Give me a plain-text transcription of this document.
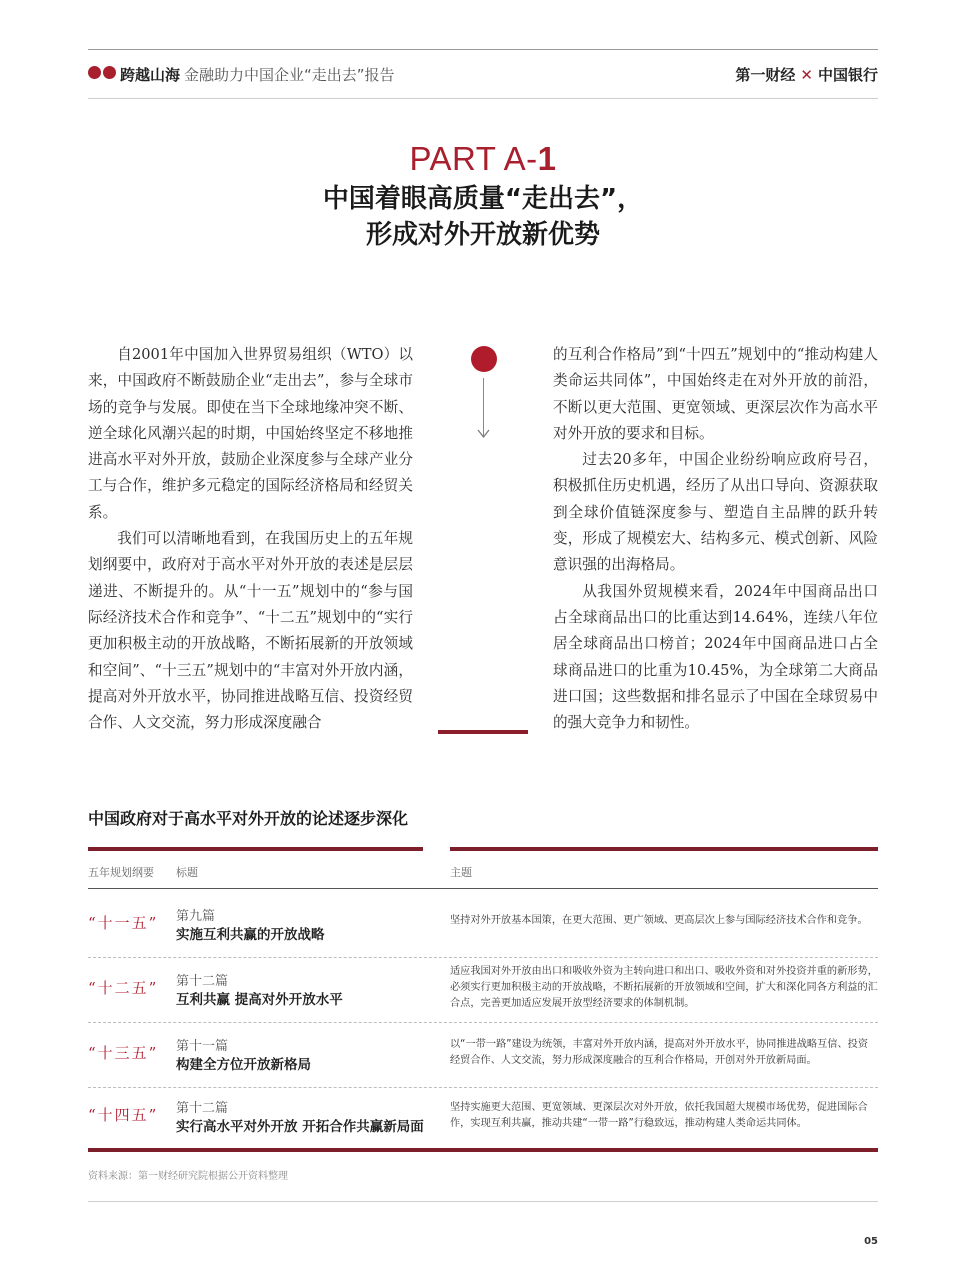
跨越山海 金融助力中国企业“走出去”报告	第一财经 ✕ 中国银行
PART A-1
中国着眼高质量“走出去”，
形成对外开放新优势

自2001年中国加入世界贸易组织（WTO）以来，中国政府不断鼓励企业“走出去”，参与全球市场的竞争与发展。即使在当下全球地缘冲突不断、逆全球化风潮兴起的时期，中国始终坚定不移地推进高水平对外开放，鼓励企业深度参与全球产业分工与合作，维护多元稳定的国际经济格局和经贸关系。

我们可以清晰地看到，在我国历史上的五年规划纲要中，政府对于高水平对外开放的表述是层层递进、不断提升的。从“十一五”规划中的“参与国际经济技术合作和竞争”、“十二五”规划中的“实行更加积极主动的开放战略，不断拓展新的开放领域和空间”、“十三五”规划中的“丰富对外开放内涵，提高对外开放水平，协同推进战略互信、投资经贸合作、人文交流，努力形成深度融合

的互利合作格局”到“十四五”规划中的“推动构建人类命运共同体”，中国始终走在对外开放的前沿，不断以更大范围、更宽领域、更深层次作为高水平对外开放的要求和目标。

过去20多年，中国企业纷纷响应政府号召，积极抓住历史机遇，经历了从出口导向、资源获取到全球价值链深度参与、塑造自主品牌的跃升转变，形成了规模宏大、结构多元、模式创新、风险意识强的出海格局。

从我国外贸规模来看，2024年中国商品出口占全球商品出口的比重达到14.64%，连续八年位居全球商品出口榜首；2024年中国商品进口占全球商品进口的比重为10.45%，为全球第二大商品进口国；这些数据和排名显示了中国在全球贸易中的强大竞争力和韧性。

中国政府对于高水平对外开放的论述逐步深化
五年规划纲要 标题	主题
“十一五” 第九篇
实施互利共赢的开放战略
坚持对外开放基本国策，在更大范围、更广领域、更高层次上参与国际经济技术合作和竞争。
“十二五” 第十二篇
互利共赢 提高对外开放水平
适应我国对外开放由出口和吸收外资为主转向进口和出口、吸收外资和对外投资并重的新形势，必须实行更加积极主动的开放战略，不断拓展新的开放领域和空间，扩大和深化同各方利益的汇合点，完善更加适应发展开放型经济要求的体制机制。
“十三五” 第十一篇
构建全方位开放新格局
以“一带一路”建设为统领，丰富对外开放内涵，提高对外开放水平，协同推进战略互信、投资经贸合作、人文交流，努力形成深度融合的互利合作格局，开创对外开放新局面。
“十四五” 第十二篇
实行高水平对外开放 开拓合作共赢新局面
坚持实施更大范围、更宽领域、更深层次对外开放，依托我国超大规模市场优势，促进国际合作，实现互利共赢，推动共建“一带一路”行稳致远，推动构建人类命运共同体。
资料来源：第一财经研究院根据公开资料整理
05
